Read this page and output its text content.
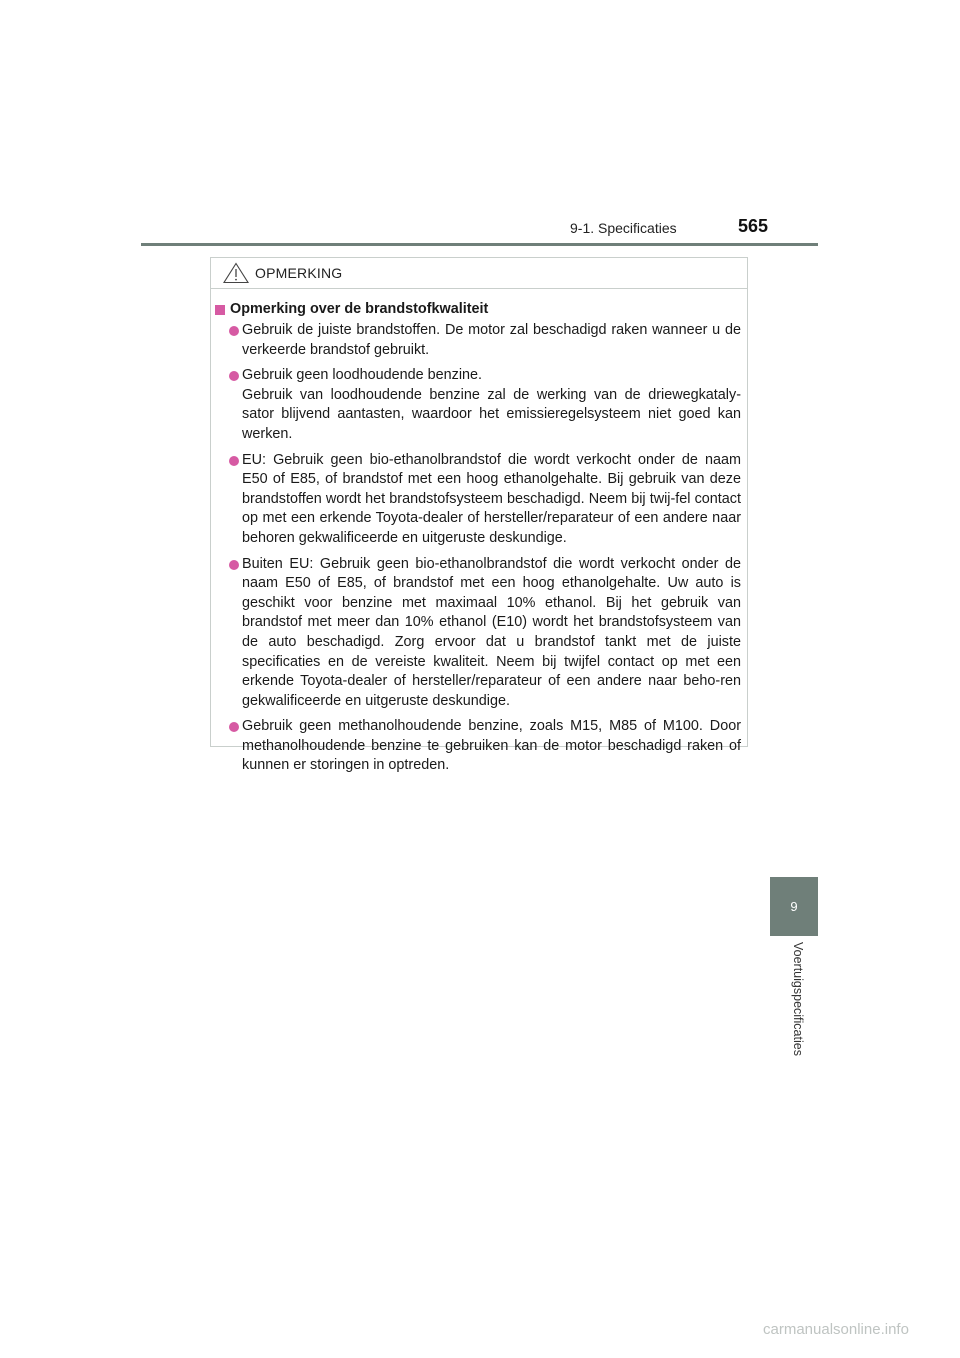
9-1. Specificaties	565
OPMERKING
Opmerking over de brandstofkwaliteit
Gebruik de juiste brandstoffen. De motor zal beschadigd raken wanneer u de verkeerde brandstof gebruikt.
Gebruik geen loodhoudende benzine.
Gebruik van loodhoudende benzine zal de werking van de driewegkataly-sator blijvend aantasten, waardoor het emissieregelsysteem niet goed kan werken.
EU: Gebruik geen bio-ethanolbrandstof die wordt verkocht onder de naam E50 of E85, of brandstof met een hoog ethanolgehalte. Bij gebruik van deze brandstoffen wordt het brandstofsysteem beschadigd. Neem bij twij-fel contact op met een erkende Toyota-dealer of hersteller/reparateur of een andere naar behoren gekwalificeerde en uitgeruste deskundige.
Buiten EU: Gebruik geen bio-ethanolbrandstof die wordt verkocht onder de naam E50 of E85, of brandstof met een hoog ethanolgehalte. Uw auto is geschikt voor benzine met maximaal 10% ethanol. Bij het gebruik van brandstof met meer dan 10% ethanol (E10) wordt het brandstofsysteem van de auto beschadigd. Zorg ervoor dat u brandstof tankt met de juiste specificaties en de vereiste kwaliteit. Neem bij twijfel contact op met een erkende Toyota-dealer of hersteller/reparateur of een andere naar beho-ren gekwalificeerde en uitgeruste deskundige.
Gebruik geen methanolhoudende benzine, zoals M15, M85 of M100. Door methanolhoudende benzine te gebruiken kan de motor beschadigd raken of kunnen er storingen in optreden.
9
Voertuigspecificaties
carmanualsonline.info
